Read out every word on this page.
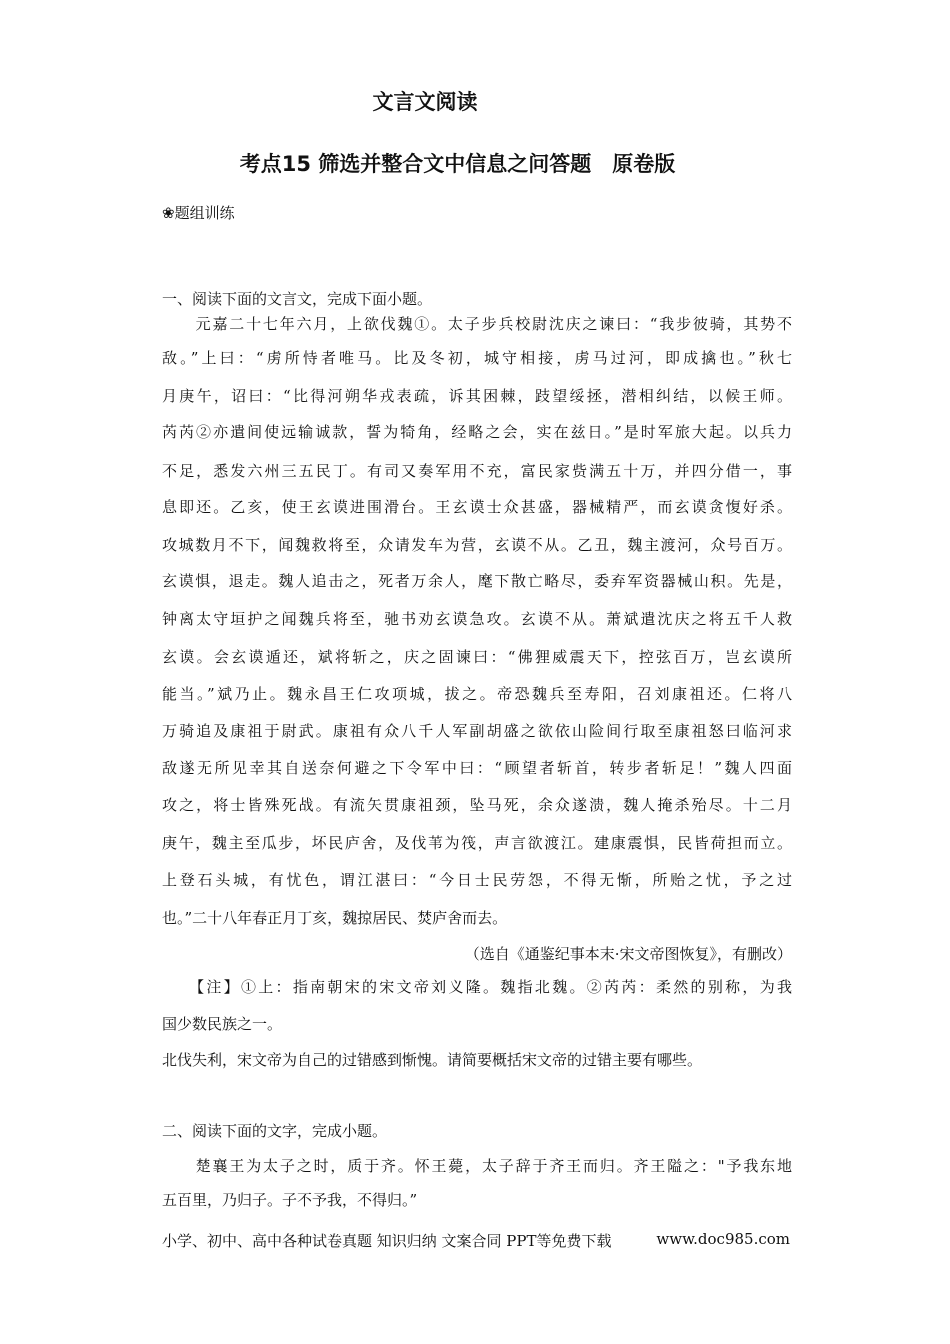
文言文阅读
考点15 筛选并整合文中信息之问答题　原卷版
❀题组训练
一、阅读下面的文言文，完成下面小题。
　　元嘉二十七年六月，上欲伐魏①。太子步兵校尉沈庆之谏曰：“我步彼骑，其势不
敌。”上曰：“虏所恃者唯马。比及冬初，城守相接，虏马过河，即成擒也。”秋七
月庚午，诏曰：“比得河朔华戎表疏，诉其困棘，跂望绥拯，潜相纠结，以候王师。
芮芮②亦遣间使远输诚款，誓为犄角，经略之会，实在兹日。”是时军旅大起。以兵力
不足，悉发六州三五民丁。有司又奏军用不充，富民家赀满五十万，并四分借一，事
息即还。乙亥，使王玄谟进围滑台。王玄谟士众甚盛，器械精严，而玄谟贪愎好杀。
攻城数月不下，闻魏救将至，众请发车为营，玄谟不从。乙丑，魏主渡河，众号百万。
玄谟惧，退走。魏人追击之，死者万余人，麾下散亡略尽，委弃军资器械山积。先是，
钟离太守垣护之闻魏兵将至，驰书劝玄谟急攻。玄谟不从。萧斌遣沈庆之将五千人救
玄谟。会玄谟遁还，斌将斩之，庆之固谏曰：“佛狸威震天下，控弦百万，岂玄谟所
能当。”斌乃止。魏永昌王仁攻项城，拔之。帝恐魏兵至寿阳，召刘康祖还。仁将八
万骑追及康祖于尉武。康祖有众八千人军副胡盛之欲依山险间行取至康祖怒曰临河求
敌遂无所见幸其自送奈何避之下令军中曰：“顾望者斩首，转步者斩足！”魏人四面
攻之，将士皆殊死战。有流矢贯康祖颈，坠马死，余众遂溃，魏人掩杀殆尽。十二月
庚午，魏主至瓜步，坏民庐舍，及伐苇为筏，声言欲渡江。建康震惧，民皆荷担而立。
上登石头城，有忧色，谓江湛曰：“今日士民劳怨，不得无惭，所贻之忧，予之过
也。”二十八年春正月丁亥，魏掠居民、焚庐舍而去。
（选自《通鉴纪事本末·宋文帝图恢复》，有删改）
　　【注】①上：指南朝宋的宋文帝刘义隆。魏指北魏。②芮芮：柔然的别称，为我
国少数民族之一。
北伐失利，宋文帝为自己的过错感到惭愧。请简要概括宋文帝的过错主要有哪些。
二、阅读下面的文字，完成小题。
　　楚襄王为太子之时，质于齐。怀王薨，太子辞于齐王而归。齐王隘之："予我东地
五百里，乃归子。子不予我，不得归。”
小学、初中、高中各种试卷真题 知识归纳 文案合同 PPT等免费下载	www.doc985.com
